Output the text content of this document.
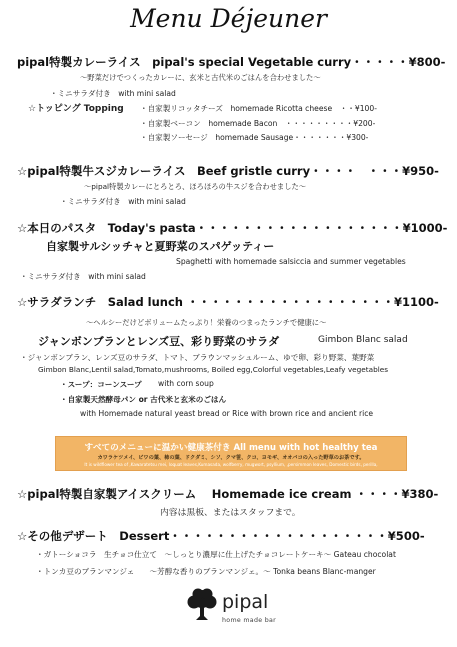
Menu Déjeuner
pipal特製カレーライス　pipal's special Vegetable curry・・・・・¥800-
～野菜だけでつくったカレーに、玄米と古代米のごはんを合わせました～
・ミニサラダ付き　with mini salad
☆トッピング Topping ・自家製リコッタチーズ　homemade Ricotta cheese　・・¥100-
・自家製ベーコン　homemade Bacon　・・・・・・・・・¥200-
・自家製ソーセージ　homemade Sausage・・・・・・・¥300-
☆pipal特製牛スジカレーライス　Beef gristle curry・・・・　・・・¥950-
～pipal特製カレーにとろとろ、ほろほろの牛スジを合わせました～
・ミニサラダ付き　with mini salad
☆本日のパスタ　Today's pasta・・・・・・・・・・・・・・・・・・¥1000-
自家製サルシッチャと夏野菜のスパゲッティー
Spaghetti with homemade salsiccia and summer vegetables
・ミニサラダ付き　with mini salad
☆サラダランチ　Salad lunch ・・・・・・・・・・・・・・・・・・¥1100-
～ヘルシーだけどボリュームたっぷり！栄養のつまったランチで健康に～
ジャンボンブランとレンズ豆、彩り野菜のサラダ	Gimbon Blanc salad
・ジャンボンブラン、レンズ豆のサラダ、トマト、ブラウンマッシュルーム、ゆで卵、彩り野菜、葉野菜
Gimbon Blanc,Lentil salad,Tomato,mushrooms, Boiled egg,Colorful vegetables,Leafy vegetables
・スープ：コーンスープ with corn soup
・自家製天然酵母パン or 古代米と玄米のごはん
with Homemade natural yeast bread or Rice with brown rice and ancient rice
すべてのメニューに温かい健康茶付き All menu with hot healthy tea
カワラケツメイ、ビワの葉、柿の葉、ドクダミ、シソ、クマ笹、クコ、ヨモギ、オオバコの入った野草のお茶です。
It is wildflower tea of ,Kawaratetsu mei, loquat leaves,Kumasada, wolfberry, mugwort, psyllium, ,persimmon leaves, Domestic birds, perilla,
☆pipal特製自家製アイスクリーム　 Homemade ice cream ・・・・¥380-
内容は黒板、またはスタッフまで。
☆その他デザート　Dessert・・・・・・・・・・・・・・・・・・・¥500-
・ガトーショコラ　生チョコ仕立て　～しっとり濃厚に仕上げたチョコレートケーキ～ Gateau chocolat
・トンカ豆のブランマンジェ　　～芳醇な香りのブランマンジェ。～ Tonka beans Blanc-manger
pipal
home made bar
